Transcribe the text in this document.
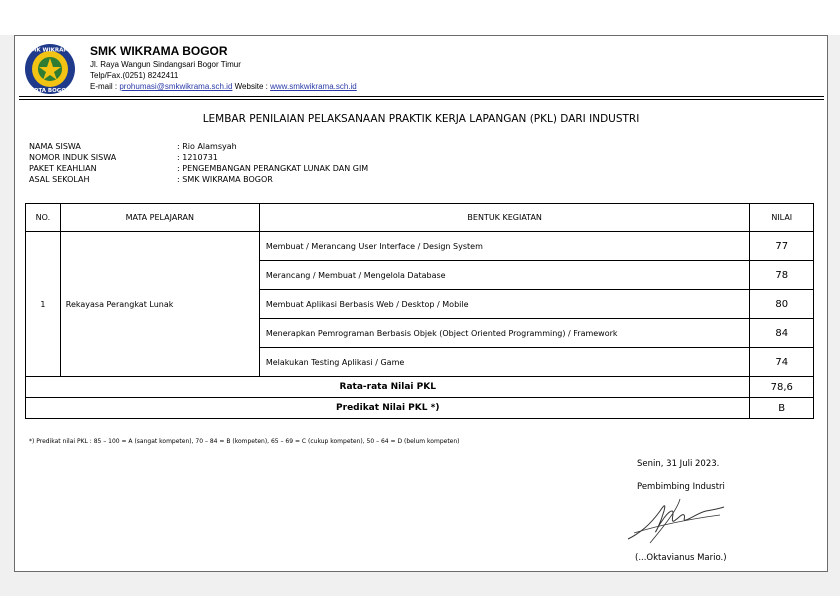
SMK WIKRAMA
KOTA BOGOR
SMK WIKRAMA BOGOR
Jl. Raya Wangun Sindangsari Bogor Timur
Telp/Fax.(0251) 8242411
E-mail : prohumasi@smkwikrama.sch.id Website : www.smkwikrama.sch.id
LEMBAR PENILAIAN PELAKSANAAN PRAKTIK KERJA LAPANGAN (PKL) DARI INDUSTRI
NAMA SISWA	: Rio Alamsyah
NOMOR INDUK SISWA	: 1210731
PAKET KEAHLIAN	: PENGEMBANGAN PERANGKAT LUNAK DAN GIM
ASAL SEKOLAH	: SMK WIKRAMA BOGOR
NO.	MATA PELAJARAN	BENTUK KEGIATAN	NILAI
1	Rekayasa Perangkat Lunak	Membuat / Merancang User Interface / Design System	77
		Merancang / Membuat / Mengelola Database	78
		Membuat Aplikasi Berbasis Web / Desktop / Mobile	80
		Menerapkan Pemrograman Berbasis Objek (Object Oriented Programming) / Framework	84
		Melakukan Testing Aplikasi / Game	74
Rata-rata Nilai PKL			78,6
Predikat Nilai PKL *)			B
*) Predikat nilai PKL : 85 – 100 = A (sangat kompeten), 70 – 84 = B (kompeten), 65 – 69 = C (cukup kompeten), 50 – 64 = D (belum kompeten)
Senin, 31 Juli 2023.
Pembimbing Industri
(...Oktavianus Mario.)
